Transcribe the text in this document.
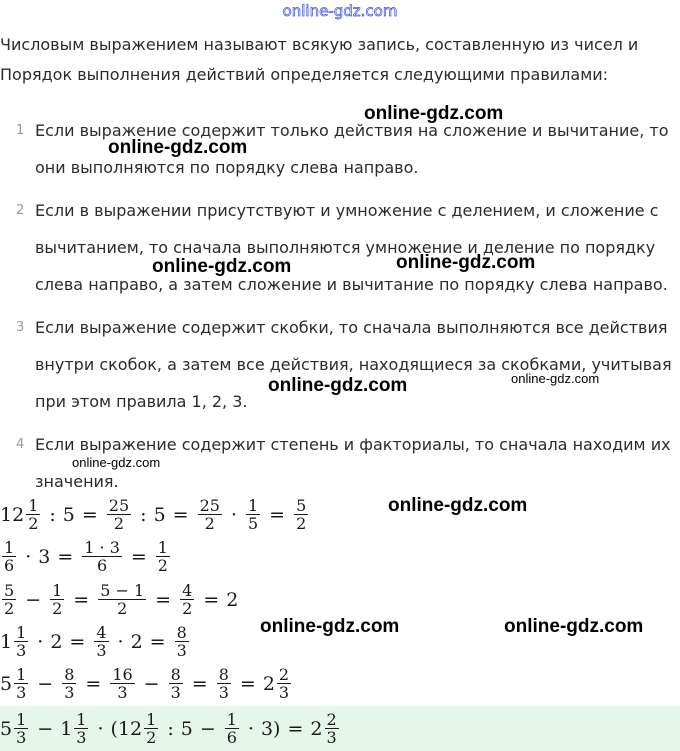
online-gdz.com
Числовым выражением называют всякую запись, составленную из чисел и
Порядок выполнения действий определяется следующими правилами:
1 Если выражение содержит только действия на сложение и вычитание, то они выполняются по порядку слева направо.
2 Если в выражении присутствуют и умножение с делением, и сложение с вычитанием, то сначала выполняются умножение и деление по порядку слева направо, а затем сложение и вычитание по порядку слева направо.
3 Если выражение содержит скобки, то сначала выполняются все действия внутри скобок, а затем все действия, находящиеся за скобками, учитывая при этом правила 1, 2, 3.
4 Если выражение содержит степень и факториалы, то сначала находим их значения.
online-gdz.com
online-gdz.com
online-gdz.com	online-gdz.com
online-gdz.com	online-gdz.com
online-gdz.com
online-gdz.com
online-gdz.com	online-gdz.com
$12 \frac{1}{2}$ : $5 = \frac{25}{2}$ : $5 = \frac{25}{2} \cdot \frac{1}{5} = \frac{5}{2}$
$\frac{1}{6} \cdot 3 = \frac{1 \cdot 3}{6} = \frac{1}{2}$
$\frac{5}{2} - \frac{1}{2} = \frac{5 - 1}{2} = \frac{4}{2} = 2$
$1 \frac{1}{3} \cdot 2 = \frac{4}{3} \cdot 2 = \frac{8}{3}$
$5 \frac{1}{3} - \frac{8}{3} = \frac{16}{3} - \frac{8}{3} = \frac{8}{3} = 2 \frac{2}{3}$
$5 \frac{1}{3} - 1 \frac{1}{3} \cdot (12 \frac{1}{2}$ : $5 - \frac{1}{6} \cdot 3) = 2 \frac{2}{3}$
